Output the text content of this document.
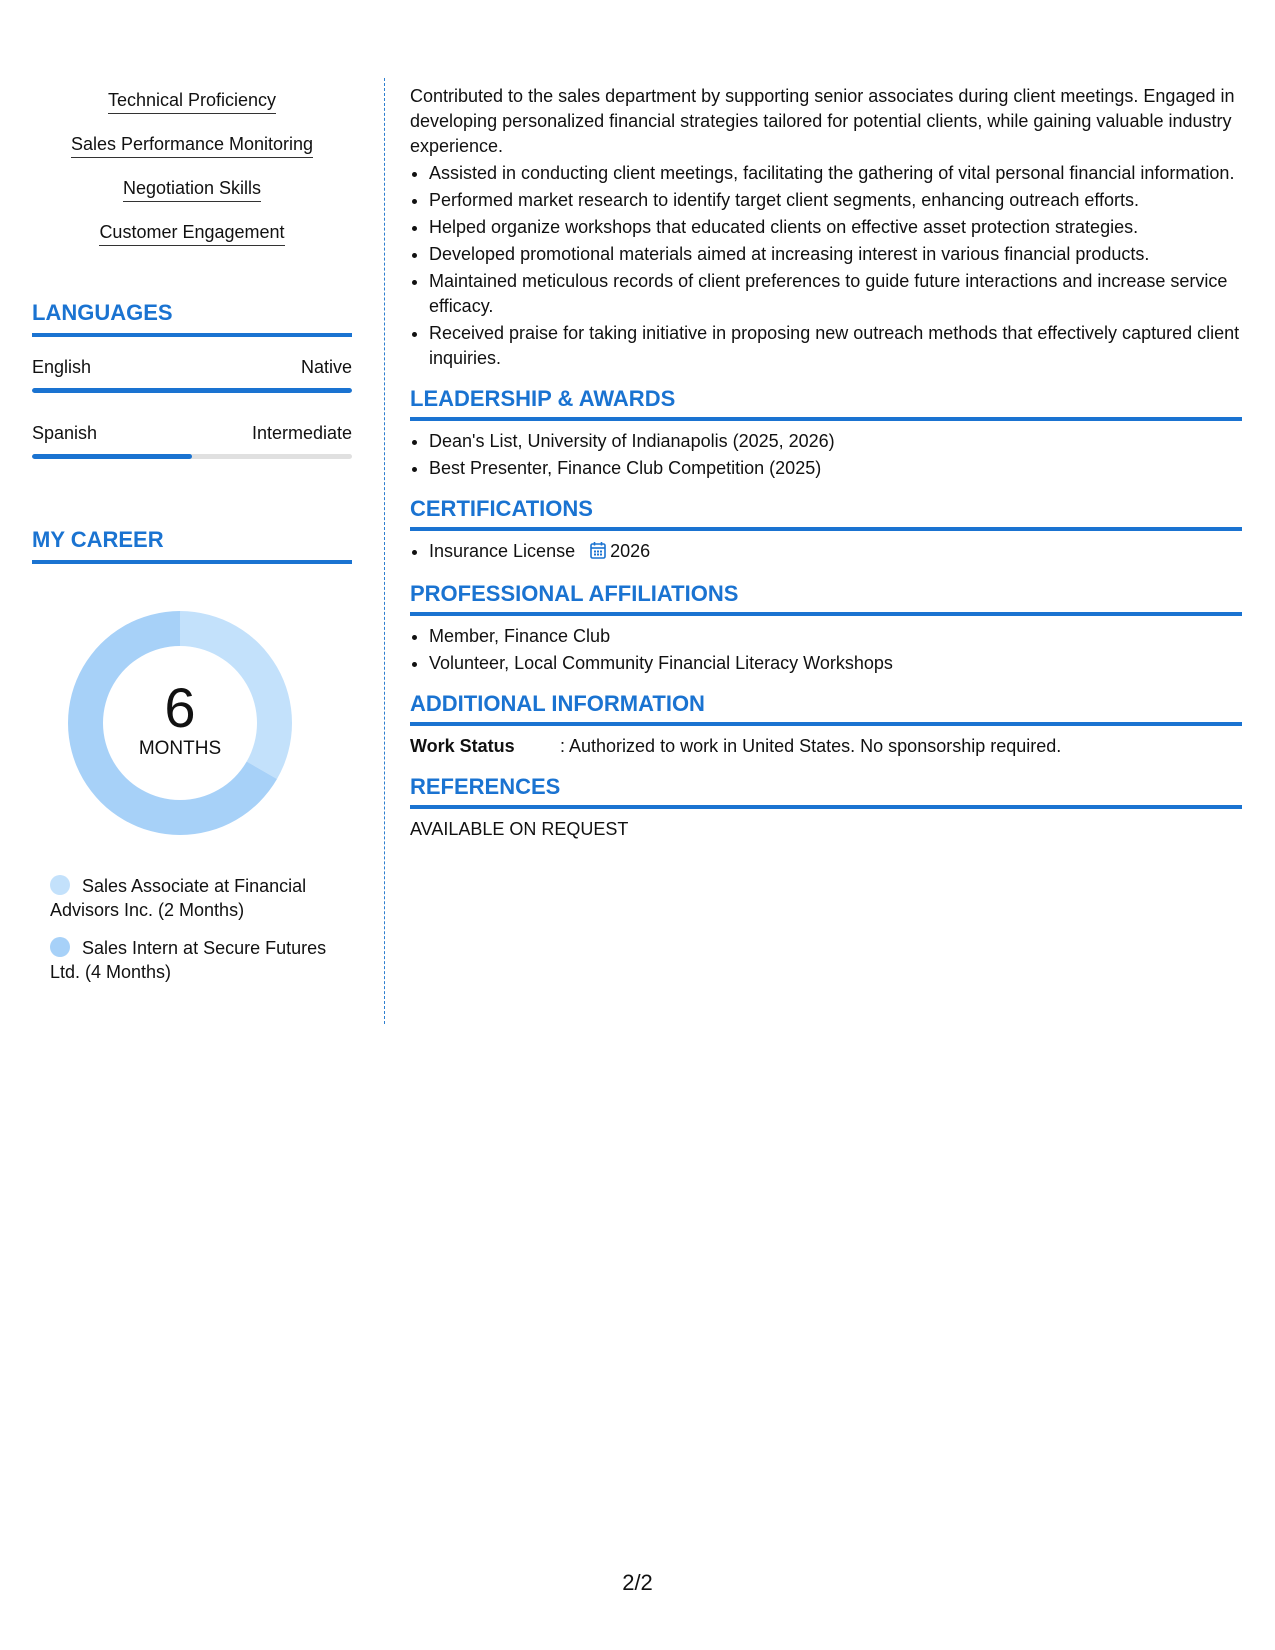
Technical Proficiency
Sales Performance Monitoring
Negotiation Skills
Customer Engagement
LANGUAGES
English	Native
Spanish	Intermediate
MY CAREER
6
MONTHS
Sales Associate at Financial Advisors Inc. (2 Months)
Sales Intern at Secure Futures Ltd. (4 Months)

Contributed to the sales department by supporting senior associates during client meetings. Engaged in developing personalized financial strategies tailored for potential clients, while gaining valuable industry experience.

• Assisted in conducting client meetings, facilitating the gathering of vital personal financial information.
• Performed market research to identify target client segments, enhancing outreach efforts.
• Helped organize workshops that educated clients on effective asset protection strategies.
• Developed promotional materials aimed at increasing interest in various financial products.
• Maintained meticulous records of client preferences to guide future interactions and increase service efficacy.
• Received praise for taking initiative in proposing new outreach methods that effectively captured client inquiries.
LEADERSHIP & AWARDS
• Dean's List, University of Indianapolis (2025, 2026)
• Best Presenter, Finance Club Competition (2025)
CERTIFICATIONS
• Insurance License 2026
PROFESSIONAL AFFILIATIONS
• Member, Finance Club
• Volunteer, Local Community Financial Literacy Workshops
ADDITIONAL INFORMATION
Work Status	: Authorized to work in United States. No sponsorship required.
REFERENCES
AVAILABLE ON REQUEST
2/2
